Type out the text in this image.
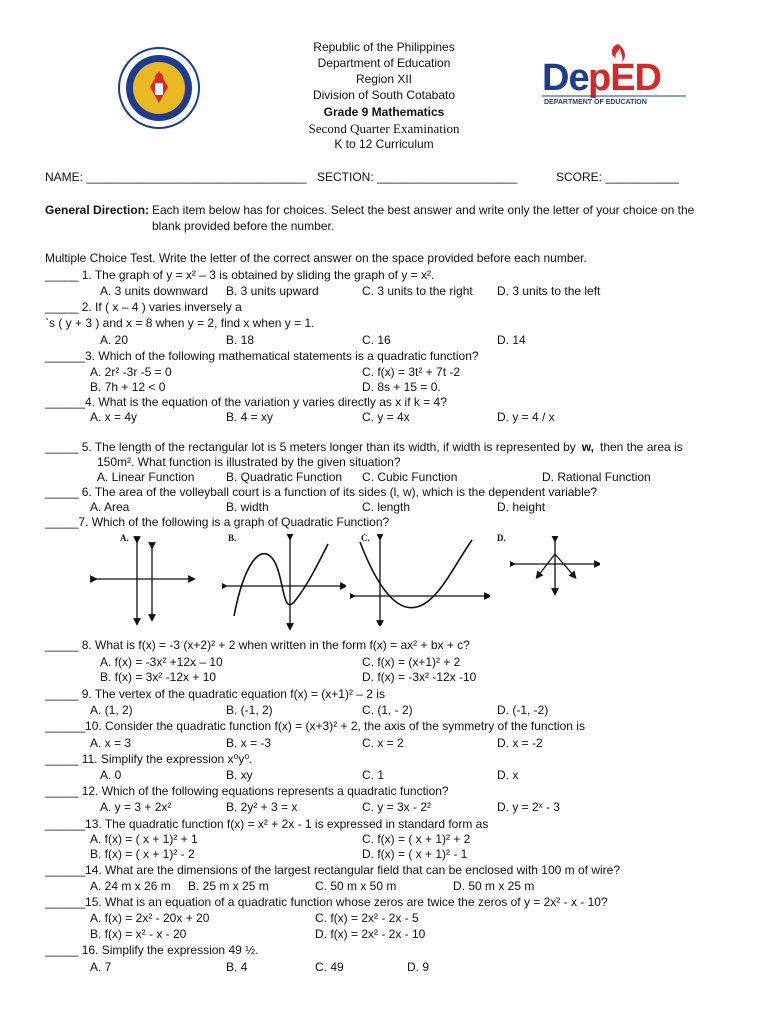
De pED
DEPARTMENT OF EDUCATION
Republic of the Philippines
Department of Education
Region XII
Division of South Cotabato
Grade 9 Mathematics
Second Quarter Examination
K to 12 Curriculum
NAME: _________________________________ SECTION: _____________________	SCORE: ___________
General Direction: Each item below has for choices. Select the best answer and write only the letter of your choice on the
blank provided before the number.
Multiple Choice Test. Write the letter of the correct answer on the space provided before each number.
_____ 1. The graph of y = x² – 3 is obtained by sliding the graph of y = x².
A. 3 units downward B. 3 units upward	C. 3 units to the right D. 3 units to the left
_____ 2. If ( x – 4 ) varies inversely a
`s ( y + 3 ) and x = 8 when y = 2, find x when y = 1.
A. 20	B. 18	C. 16	D. 14
______3. Which of the following mathematical statements is a quadratic function?
A. 2r² -3r -5 = 0	C. f(x) = 3t² + 7t -2
B. 7h + 12 < 0	D. 8s + 15 = 0.
______4. What is the equation of the variation y varies directly as x if k = 4?
A. x = 4y	B. 4 = xy	C. y = 4x	D. y = 4 / x
_____ 5. The length of the rectangular lot is 5 meters longer than its width, if width is represented by w, then the area is
150m². What function is illustrated by the given situation?
A. Linear Function	B. Quadratic Function C. Cubic Function	D. Rational Function
_____ 6. The area of the volleyball court is a function of its sides (l, w), which is the dependent variable?
A. Area	B. width	C. length	D. height
_____7. Which of the following is a graph of Quadratic Function?
A.	B.	C.	D.
_____ 8. What is f(x) = -3 (x+2)² + 2 when written in the form f(x) = ax² + bx + c?
A. f(x) = -3x² +12x – 10	C. f(x) = (x+1)² + 2
B. f(x) = 3x² -12x + 10	D. f(x) = -3x² -12x -10
_____ 9. The vertex of the quadratic equation f(x) = (x+1)² – 2 is
A. (1, 2)	B. (-1, 2)	C. (1, - 2)	D. (-1, -2)
______10. Consider the quadratic function f(x) = (x+3)² + 2, the axis of the symmetry of the function is
A. x = 3	B. x = -3	C. x = 2	D. x = -2
_____ 11. Simplify the expression x⁰y⁰.
A. 0	B. xy	C. 1	D. x
_____ 12. Which of the following equations represents a quadratic function?
A. y = 3 + 2x²	B. 2y² + 3 = x	C. y = 3x - 2²	D. y = 2ˣ - 3
______13. The quadratic function f(x) = x² + 2x - 1 is expressed in standard form as
A. f(x) = ( x + 1)² + 1	C. f(x) = ( x + 1)² + 2
B. f(x) = ( x + 1)² - 2	D. f(x) = ( x + 1)² - 1
______14. What are the dimensions of the largest rectangular field that can be enclosed with 100 m of wire?
A. 24 m x 26 m B. 25 m x 25 m	C. 50 m x 50 m	D. 50 m x 25 m
______15. What is an equation of a quadratic function whose zeros are twice the zeros of y = 2x² - x - 10?
A. f(x) = 2x² - 20x + 20	C. f(x) = 2x² - 2x - 5
B. f(x) = x² - x - 20	D. f(x) = 2x² - 2x - 10
_____ 16. Simplify the expression 49 ½.
A. 7	B. 4	C. 49	D. 9
